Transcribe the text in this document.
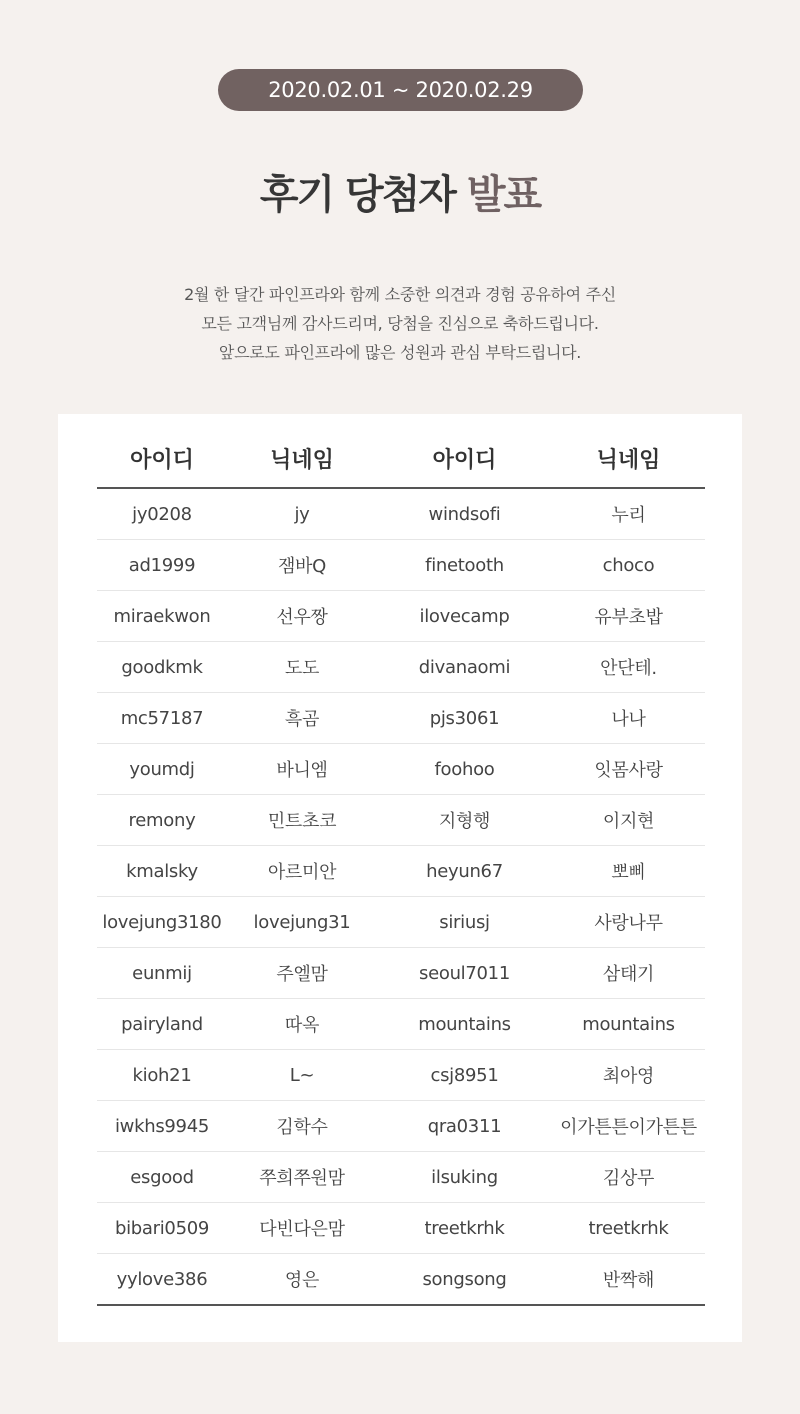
2020.02.01 ~ 2020.02.29
후기 당첨자 발표
2월 한 달간 파인프라와 함께 소중한 의견과 경험 공유하여 주신
모든 고객님께 감사드리며, 당첨을 진심으로 축하드립니다.
앞으로도 파인프라에 많은 성원과 관심 부탁드립니다.
아이디	닉네임	아이디	닉네임
jy0208	jy	windsofi	누리
ad1999	잼바Q	finetooth	choco
miraekwon	선우짱	ilovecamp	유부초밥
goodkmk	도도	divanaomi	안단테.
mc57187	흑곰	pjs3061	나나
youmdj	바니엠	foohoo	잇몸사랑
remony	민트초코	지형행	이지현
kmalsky	아르미안	heyun67	뽀삐
lovejung3180	lovejung31	siriusj	사랑나무
eunmij	주엘맘	seoul7011	삼태기
pairyland	따옥	mountains	mountains
kioh21	L~	csj8951	최아영
iwkhs9945	김학수	qra0311	이가튼튼이가튼튼
esgood	쭈희쭈원맘	ilsuking	김상무
bibari0509	다빈다은맘	treetkrhk	treetkrhk
yylove386	영은	songsong	반짝해
